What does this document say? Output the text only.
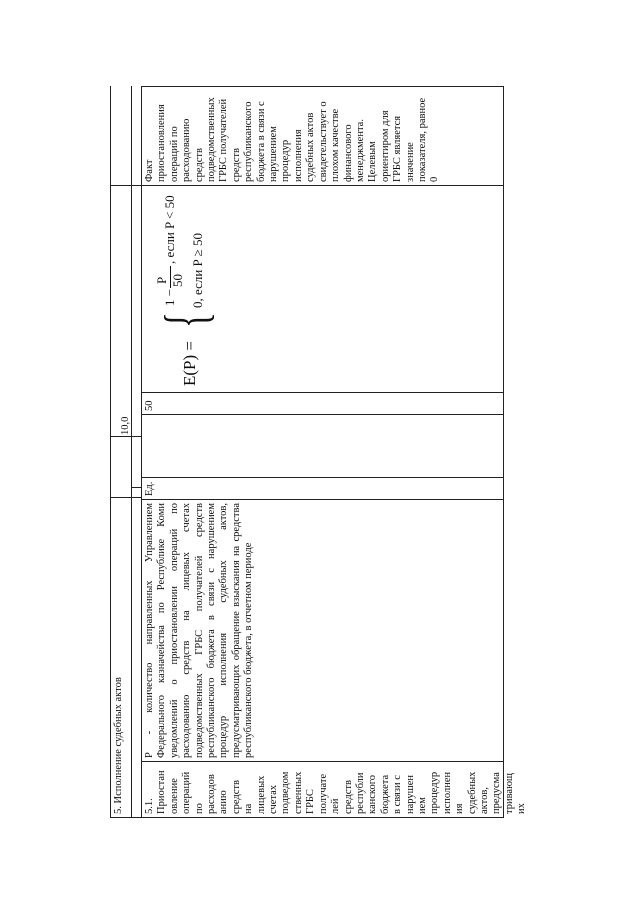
5. Исполнение судебных актов
10,0
5.1. Приостан овление операций по расходов анию средств на лицевых счетах подведом ственных ГРБС получате лей средств республи канского бюджета в связи с нарушен ием процедур исполнен ия судебных актов, предусма тривающ их
P - количество направленных Управлением Федерального казначейства по Республике Коми уведомлений о приостановлении операций по расходованию средств на лицевых счетах подведомственных ГРБС получателей средств республиканского бюджета в связи с нарушением процедур исполнения судебных актов, предусматривающих обращение взыскания на средства республиканского бюджета, в отчетном периоде
Ед.
50
Факт приостановления операций по расходованию средств подведомственных ГРБС получателей средств республиканского бюджета в связи с нарушением процедур исполнения судебных актов свидетельствует о плохом качестве финансового менеджмента. Целевым ориентиром для ГРБС является значение показателя, равное 0
E(P) =
{
1 −
P 50
, если P < 50
0, если P ≥ 50
